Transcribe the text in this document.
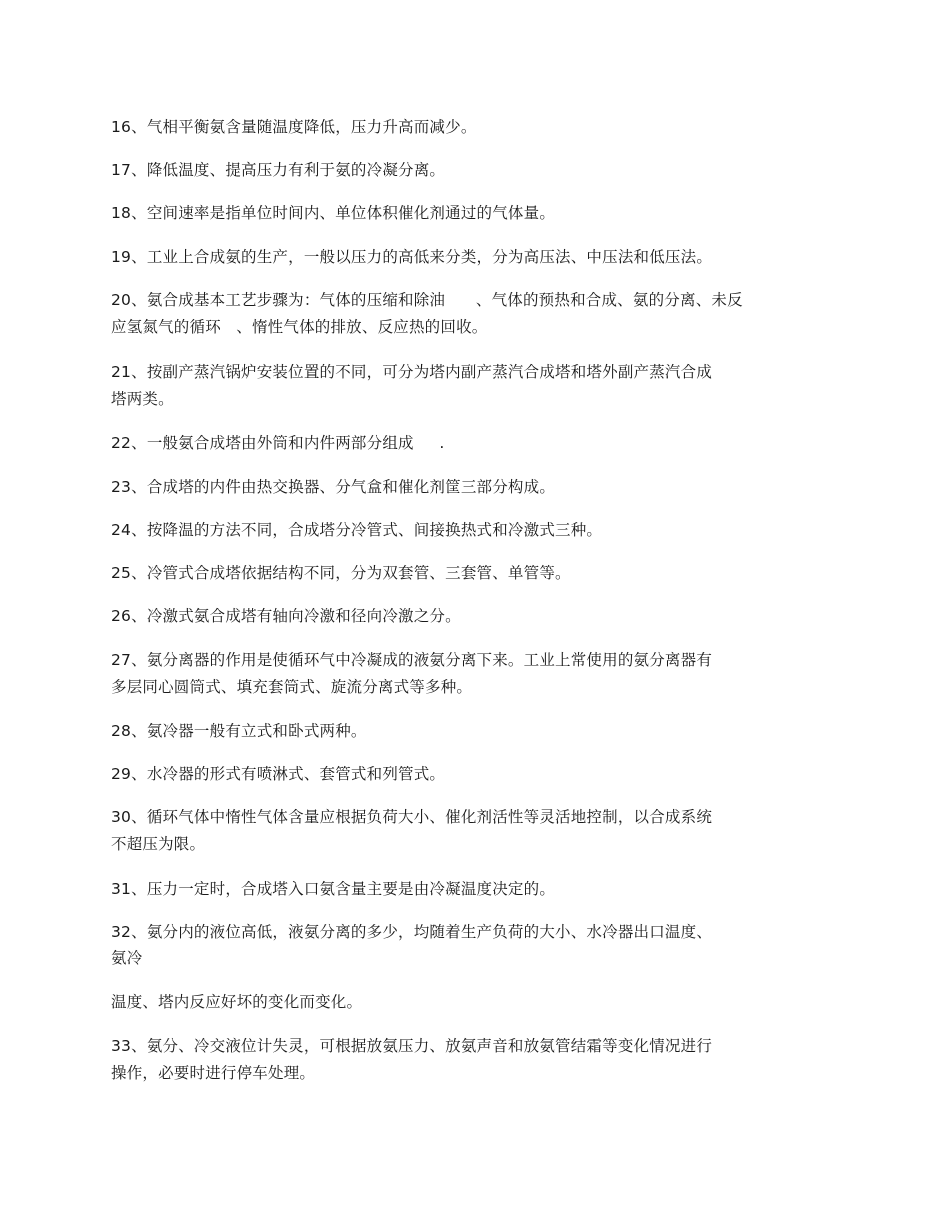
16、气相平衡氨含量随温度降低，压力升高而减少。
17、降低温度、提高压力有利于氨的冷凝分离。
18、空间速率是指单位时间内、单位体积催化剂通过的气体量。
19、工业上合成氨的生产，一般以压力的高低来分类，分为高压法、中压法和低压法。
20、氨合成基本工艺步骤为：气体的压缩和除油      、气体的预热和合成、氨的分离、未反
应氢氮气的循环   、惰性气体的排放、反应热的回收。
21、按副产蒸汽锅炉安装位置的不同，可分为塔内副产蒸汽合成塔和塔外副产蒸汽合成
塔两类。
22、一般氨合成塔由外筒和内件两部分组成     .
23、合成塔的内件由热交换器、分气盒和催化剂筐三部分构成。
24、按降温的方法不同，合成塔分冷管式、间接换热式和冷激式三种。
25、冷管式合成塔依据结构不同，分为双套管、三套管、单管等。
26、冷激式氨合成塔有轴向冷激和径向冷激之分。
27、氨分离器的作用是使循环气中冷凝成的液氨分离下来。工业上常使用的氨分离器有
多层同心圆筒式、填充套筒式、旋流分离式等多种。
28、氨冷器一般有立式和卧式两种。
29、水冷器的形式有喷淋式、套管式和列管式。
30、循环气体中惰性气体含量应根据负荷大小、催化剂活性等灵活地控制，以合成系统
不超压为限。
31、压力一定时，合成塔入口氨含量主要是由冷凝温度决定的。
32、氨分内的液位高低，液氨分离的多少，均随着生产负荷的大小、水冷器出口温度、
氨冷
温度、塔内反应好坏的变化而变化。
33、氨分、冷交液位计失灵，可根据放氨压力、放氨声音和放氨管结霜等变化情况进行
操作，必要时进行停车处理。
